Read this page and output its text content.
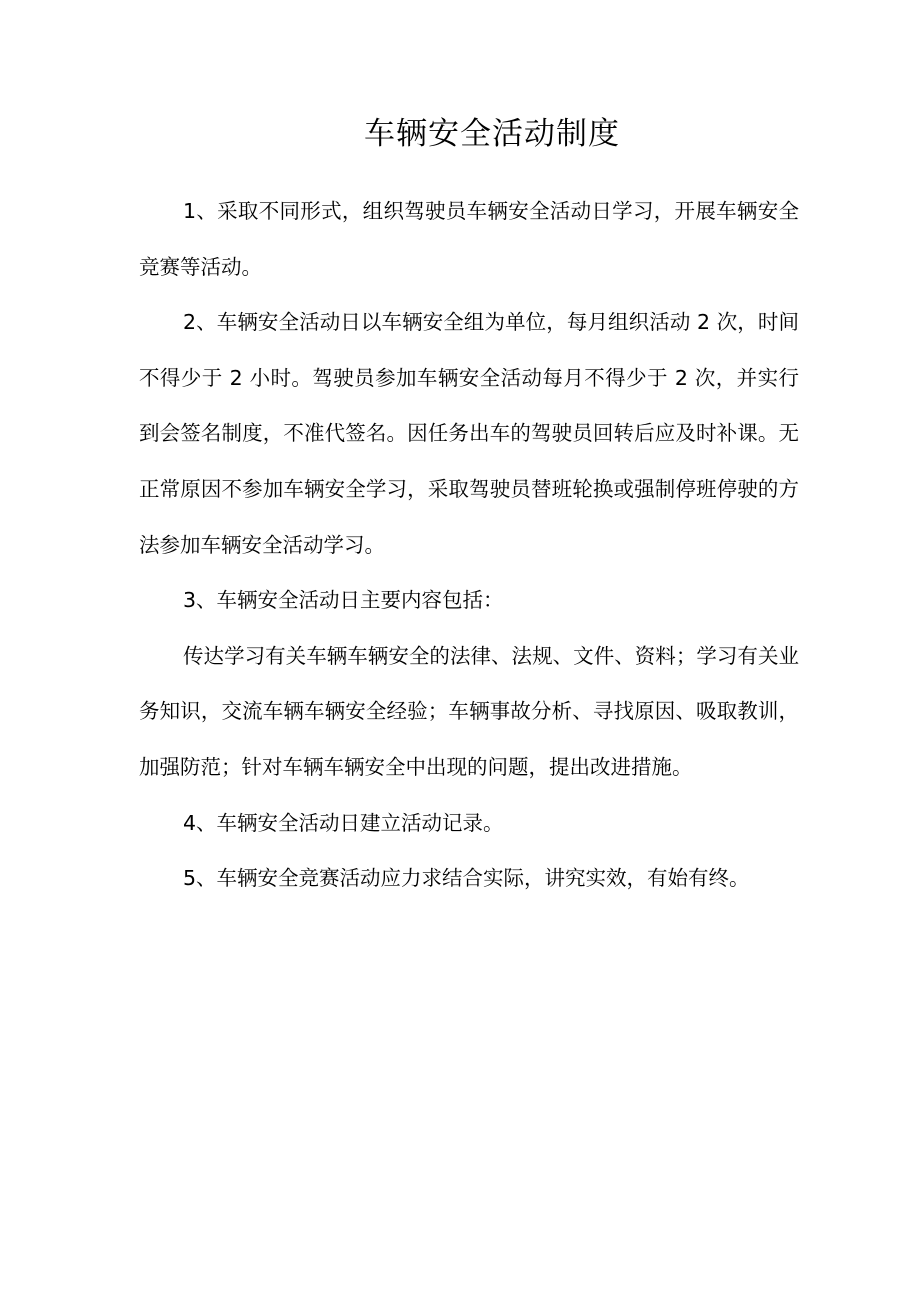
车辆安全活动制度

1、采取不同形式，组织驾驶员车辆安全活动日学习，开展车辆安全竞赛等活动。

2、车辆安全活动日以车辆安全组为单位，每月组织活动 2 次，时间不得少于 2 小时。驾驶员参加车辆安全活动每月不得少于 2 次，并实行到会签名制度，不准代签名。因任务出车的驾驶员回转后应及时补课。无正常原因不参加车辆安全学习，采取驾驶员替班轮换或强制停班停驶的方法参加车辆安全活动学习。

3、车辆安全活动日主要内容包括：

传达学习有关车辆车辆安全的法律、法规、文件、资料；学习有关业务知识，交流车辆车辆安全经验；车辆事故分析、寻找原因、吸取教训，加强防范；针对车辆车辆安全中出现的问题，提出改进措施。

4、车辆安全活动日建立活动记录。

5、车辆安全竞赛活动应力求结合实际，讲究实效，有始有终。
